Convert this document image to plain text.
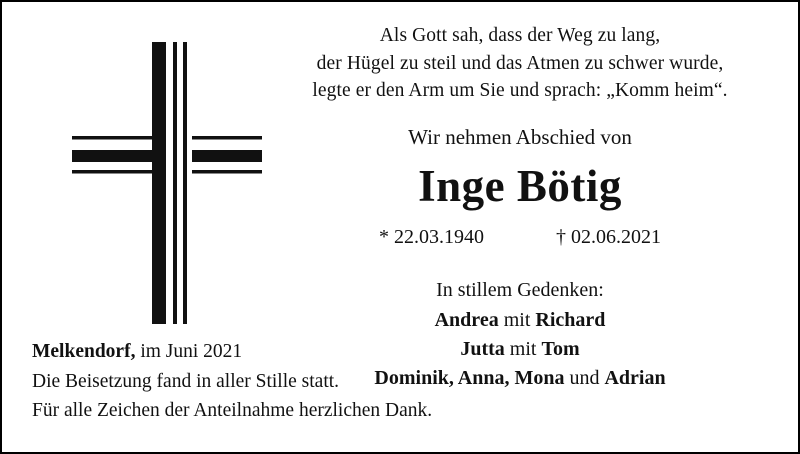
Als Gott sah, dass der Weg zu lang,
der Hügel zu steil und das Atmen zu schwer wurde,
legte er den Arm um Sie und sprach: „Komm heim“.
Wir nehmen Abschied von
Inge Bötig
* 22.03.1940	† 02.06.2021
In stillem Gedenken:
Andrea mit Richard
Jutta mit Tom
Dominik, Anna, Mona und Adrian
Melkendorf, im Juni 2021
Die Beisetzung fand in aller Stille statt.
Für alle Zeichen der Anteilnahme herzlichen Dank.
